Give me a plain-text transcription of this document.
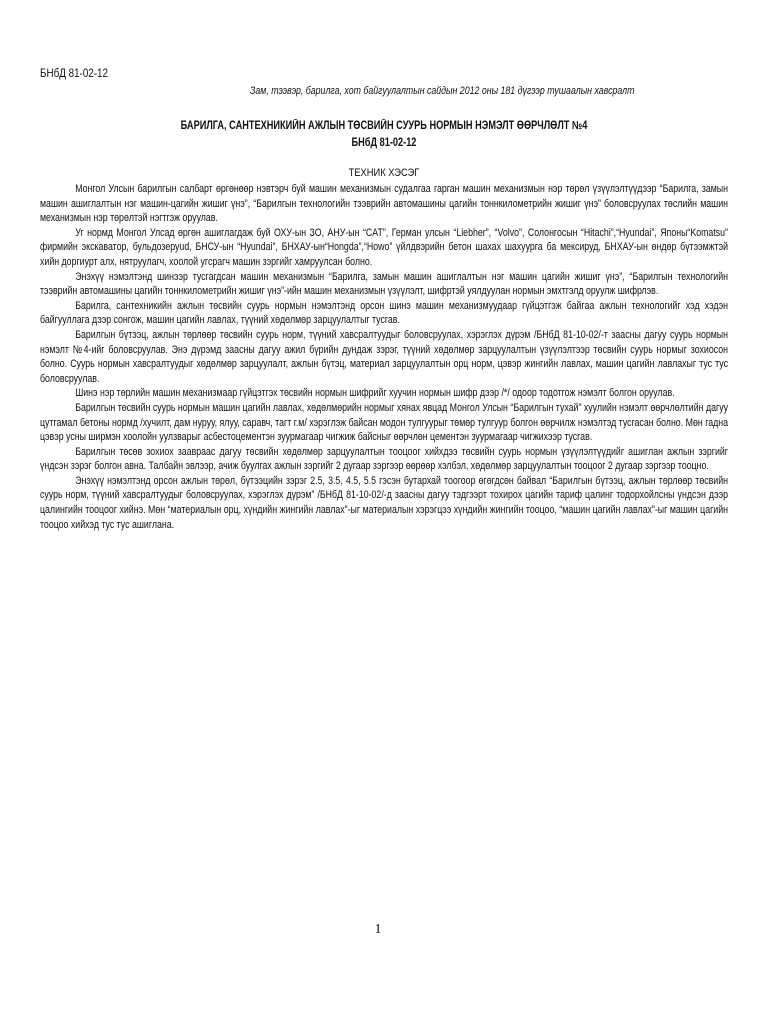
БНбД 81-02-12
Зам, тээвэр, барилга, хот байгуулалтын сайдын 2012 оны 181 дүгээр тушаалын хавсралт
БАРИЛГА, САНТЕХНИКИЙН АЖЛЫН ТӨСВИЙН СУУРЬ НОРМЫН НЭМЭЛТ ӨӨРЧЛӨЛТ №4
БНбД 81-02-12
ТЕХНИК ХЭСЭГ

Монгол Улсын барилгын салбарт өргөнөөр нэвтэрч буй машин механизмын судалгаа гарган машин механизмын нэр төрөл үзүүлэлтүүдээр “Барилга, замын машин ашиглалтын нэг машин-цагийн жишиг үнэ”, “Барилгын технологийн тээврийн автомашины цагийн тоннкилометрийн жишиг үнэ” боловсруулах төслийн машин механизмын нэр төрөлтэй нэгтгэж оруулав.

Уг нормд Монгол Улсад өргөн ашиглагдаж буй ОХУ-ын ЗО, АНУ-ын “CAT”, Герман улсын “Liebher”, “Volvo”, Солонгосын “Hitachi”,“Hyundai”, Японы“Komatsu” фирмийн экскаватор, бульдозеруud, БНСУ-ын “Hyundai”, БНХАУ-ын“Hongda”,“Howo” үйлдвэрийн бетон шахах шахуурга ба мексируд, БНХАУ-ын өндөр бүтээмжтэй хийн доргиурт алх, нятруулагч, хоолой угсрагч машин зэргийг хамруулсан болно.

Энэхүү нэмэлтэнд шинээр тусгагдсан машин механизмын “Барилга, замын машин ашиглалтын нэг машин цагийн жишиг үнэ”, “Барилгын технологийн тээврийн автомашины цагийн тоннкилометрийн жишиг үнэ”-ийн машин механизмын үзүүлэлт, шифртэй уялдуулан нормын эмхтгэлд оруулж шифрлэв.

Барилга, сантехникийн ажлын төсвийн суурь нормын нэмэлтэнд орсон шинэ машин механизмуудаар гүйцэтгэж байгаа ажлын технологийг хэд хэдэн байгууллага дээр сонгож, машин цагийн лавлах, түүний хөдөлмөр зарцуулалтыг тусгав.

Барилгын бүтээц, ажлын төрлөөр төсвийн суурь норм, түүний хавсралтуудыг боловсруулах, хэрэглэх дүрэм /БНбД 81-10-02/-т заасны дагуу суурь нормын нэмэлт №4-ийг боловсруулав. Энэ дүрэмд заасны дагуу ажил бүрийн дундаж зэрэг, түүний хөдөлмөр зарцуулалтын үзүүлэлтээр төсвийн суурь нормыг зохиосон болно. Суурь нормын хавсралтуудыг хөдөлмөр зарцуулалт, ажлын бүтэц, материал зарцуулалтын орц норм, цэвэр жингийн лавлах, машин цагийн лавлахыг тус тус боловсруулав.

Шинэ нэр төрлийн машин механизмаар гүйцэтгэх төсвийн нормын шифрийг хуучин нормын шифр дээр /*/ одоор тодотгож нэмэлт болгон оруулав.

Барилгын төсвийн суурь нормын машин цагийн лавлах, хөдөлмөрийн нормыг хянах явцад Монгол Улсын “Барилгын тухай” хуулийн нэмэлт өөрчлөлтийн дагуу цутгамал бетоны нормд /хучилт, дам нуруу, ялуу, саравч, тагт г.м/ хэрэглэж байсан модон тулгуурыг төмөр тулгуур болгон өөрчилж нэмэлтэд тусгасан болно. Мөн гадна цэвэр усны ширмэн хоолойн уулзварыг асбестоцементэн зуурмагаар чигжиж байсныг өөрчлөн цементэн зуурмагаар чигжихээр тусгав.

Барилгын төсөв зохиох заавраас дагуу төсвийн хөдөлмөр зарцуулалтын тооцоог хийхдээ төсвийн суурь нормын үзүүлэлтүүдийг ашиглан ажлын зэргийг үндсэн зэрэг болгон авна. Талбайн эвлээр, ачиж буулгах ажлын зэргийг 2 дугаар зэргээр өөрөөр хэлбэл, хөдөлмөр зарцуулалтын тооцоог 2 дугаар зэргээр тооцно.

Энэхүү нэмэлтэнд орсон ажлын төрөл, бүтээцийн зэрэг 2.5, 3.5, 4.5, 5.5 гэсэн бутархай тоогоор өгөгдсөн байвал “Барилгын бүтээц, ажлын төрлөөр төсвийн суурь норм, түүний хавсралтуудыг боловсруулах, хэрэглэх дүрэм” /БНбД 81-10-02/-д заасны дагуу тэдгээрт тохирох цагийн тариф цалинг тодорхойлсны үндсэн дээр цалингийн тооцоог хийнэ. Мөн “материалын орц, хүндийн жингийн лавлах”-ыг материалын хэрэгцээ хүндийн жингийн тооцоо, “машин цагийн лавлах”-ыг машин цагийн тооцоо хийхэд тус тус ашиглана.

1
